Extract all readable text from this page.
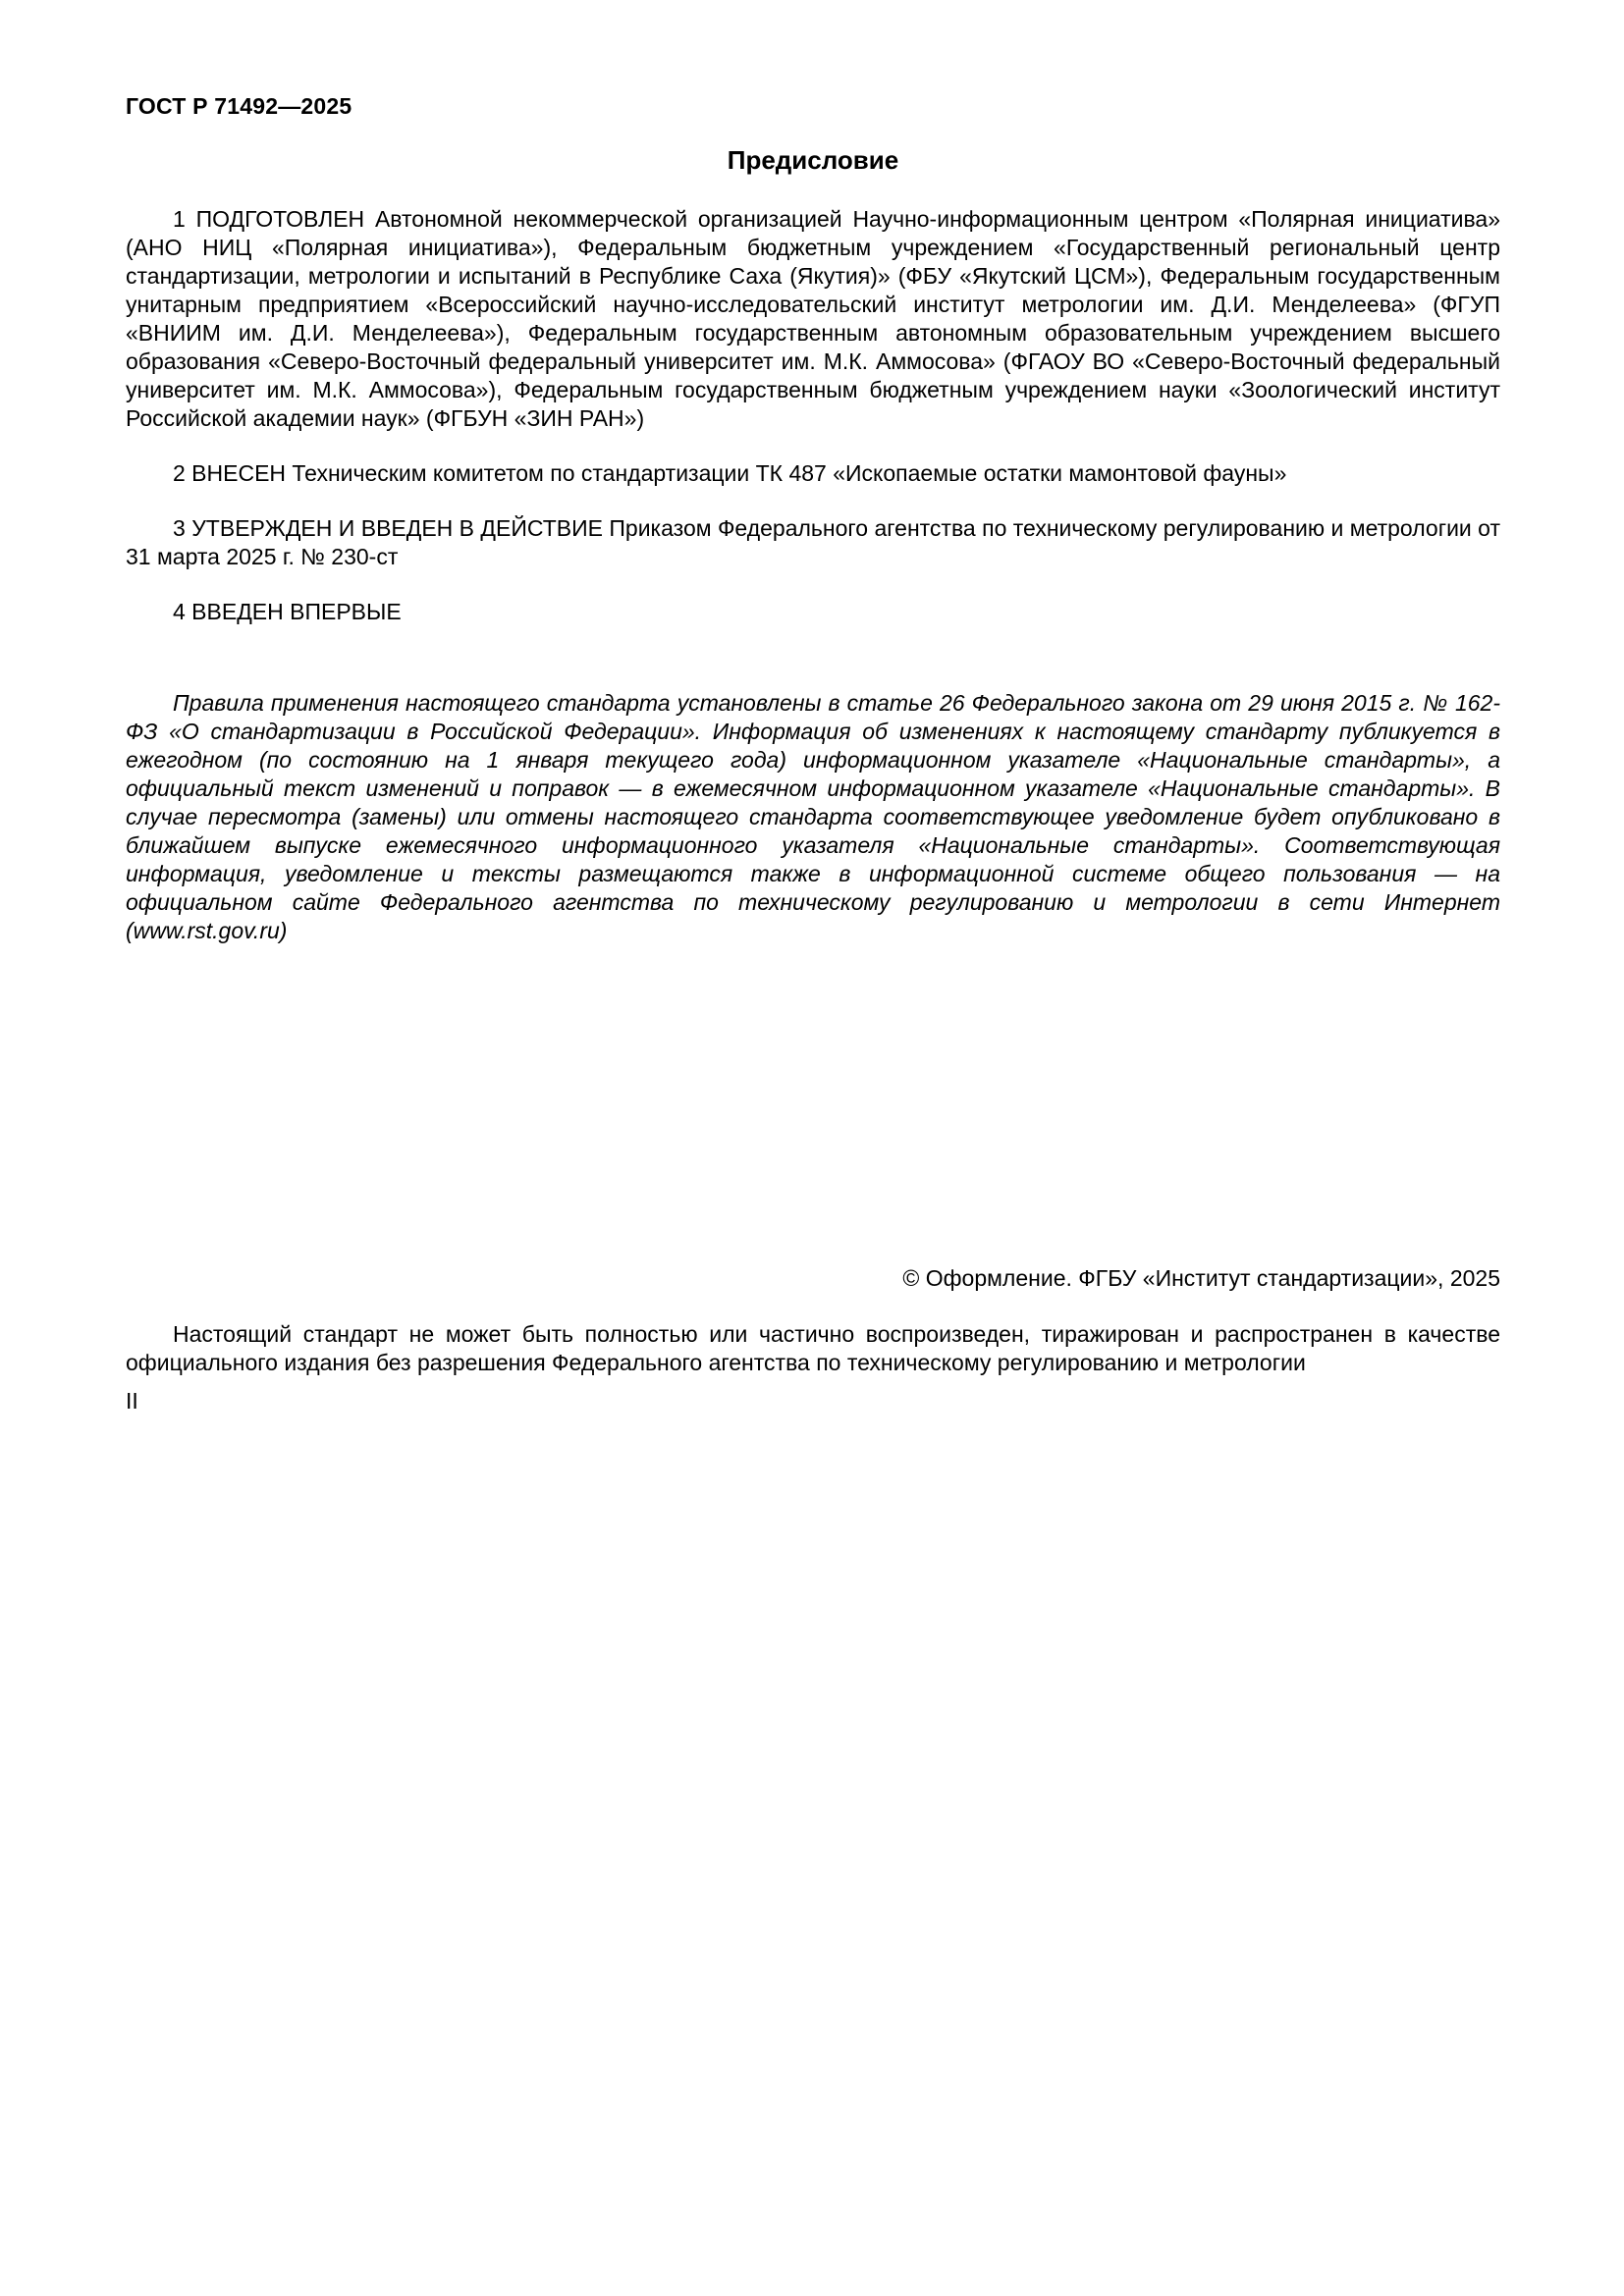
ГОСТ Р 71492—2025
Предисловие

1 ПОДГОТОВЛЕН Автономной некоммерческой организацией Научно-информационным центром «Полярная инициатива» (АНО НИЦ «Полярная инициатива»), Федеральным бюджетным учреждением «Государственный региональный центр стандартизации, метрологии и испытаний в Республике Саха (Якутия)» (ФБУ «Якутский ЦСМ»), Федеральным государственным унитарным предприятием «Всероссийский научно-исследовательский институт метрологии им. Д.И. Менделеева» (ФГУП «ВНИИМ им. Д.И. Менделеева»), Федеральным государственным автономным образовательным учреждением высшего образования «Северо-Восточный федеральный университет им. М.К. Аммосова» (ФГАОУ ВО «Северо-Восточный федеральный университет им. М.К. Аммосова»), Федеральным государственным бюджетным учреждением науки «Зоологический институт Российской академии наук» (ФГБУН «ЗИН РАН»)

2 ВНЕСЕН Техническим комитетом по стандартизации ТК 487 «Ископаемые остатки мамонтовой фауны»

3 УТВЕРЖДЕН И ВВЕДЕН В ДЕЙСТВИЕ Приказом Федерального агентства по техническому регулированию и метрологии от 31 марта 2025 г. № 230-ст

4 ВВЕДЕН ВПЕРВЫЕ

Правила применения настоящего стандарта установлены в статье 26 Федерального закона от 29 июня 2015 г. № 162-ФЗ «О стандартизации в Российской Федерации». Информация об изменениях к настоящему стандарту публикуется в ежегодном (по состоянию на 1 января текущего года) информационном указателе «Национальные стандарты», а официальный текст изменений и поправок — в ежемесячном информационном указателе «Национальные стандарты». В случае пересмотра (замены) или отмены настоящего стандарта соответствующее уведомление будет опубликовано в ближайшем выпуске ежемесячного информационного указателя «Национальные стандарты». Соответствующая информация, уведомление и тексты размещаются также в информационной системе общего пользования — на официальном сайте Федерального агентства по техническому регулированию и метрологии в сети Интернет (www.rst.gov.ru)

© Оформление. ФГБУ «Институт стандартизации», 2025

Настоящий стандарт не может быть полностью или частично воспроизведен, тиражирован и распространен в качестве официального издания без разрешения Федерального агентства по техническому регулированию и метрологии

II
